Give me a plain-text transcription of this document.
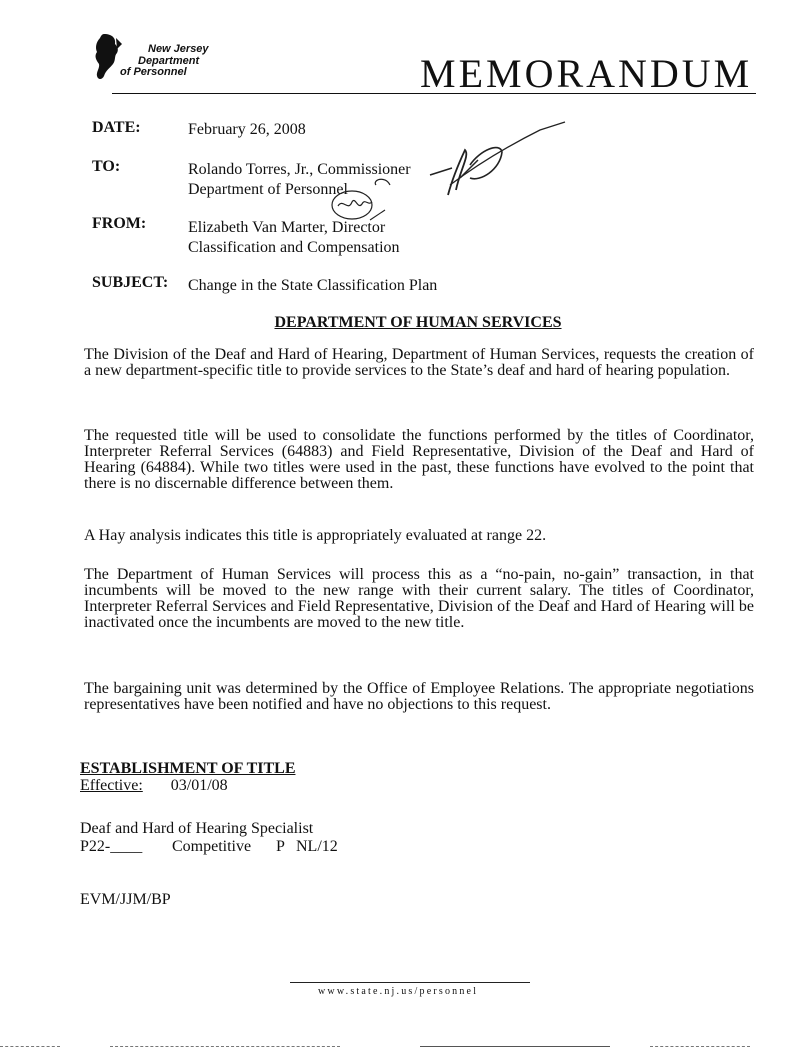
New Jersey
Department
of Personnel	MEMORANDUM
DATE:	February 26, 2008
TO:	Rolando Torres, Jr., Commissioner
Department of Personnel
FROM:	Elizabeth Van Marter, Director
Classification and Compensation
SUBJECT: Change in the State Classification Plan
DEPARTMENT OF HUMAN SERVICES
The Division of the Deaf and Hard of Hearing, Department of Human Services, requests the creation of a new department-specific title to provide services to the State’s deaf and hard of hearing population.
The requested title will be used to consolidate the functions performed by the titles of Coordinator, Interpreter Referral Services (64883) and Field Representative, Division of the Deaf and Hard of Hearing (64884). While two titles were used in the past, these functions have evolved to the point that there is no discernable difference between them.
A Hay analysis indicates this title is appropriately evaluated at range 22.
The Department of Human Services will process this as a “no-pain, no-gain” transaction, in that incumbents will be moved to the new range with their current salary. The titles of Coordinator, Interpreter Referral Services and Field Representative, Division of the Deaf and Hard of Hearing will be inactivated once the incumbents are moved to the new title.
The bargaining unit was determined by the Office of Employee Relations. The appropriate negotiations representatives have been notified and have no objections to this request.
ESTABLISHMENT OF TITLE
Effective: 03/01/08
Deaf and Hard of Hearing Specialist
P22-____ Competitive P NL/12
EVM/JJM/BP
www.state.nj.us/personnel
